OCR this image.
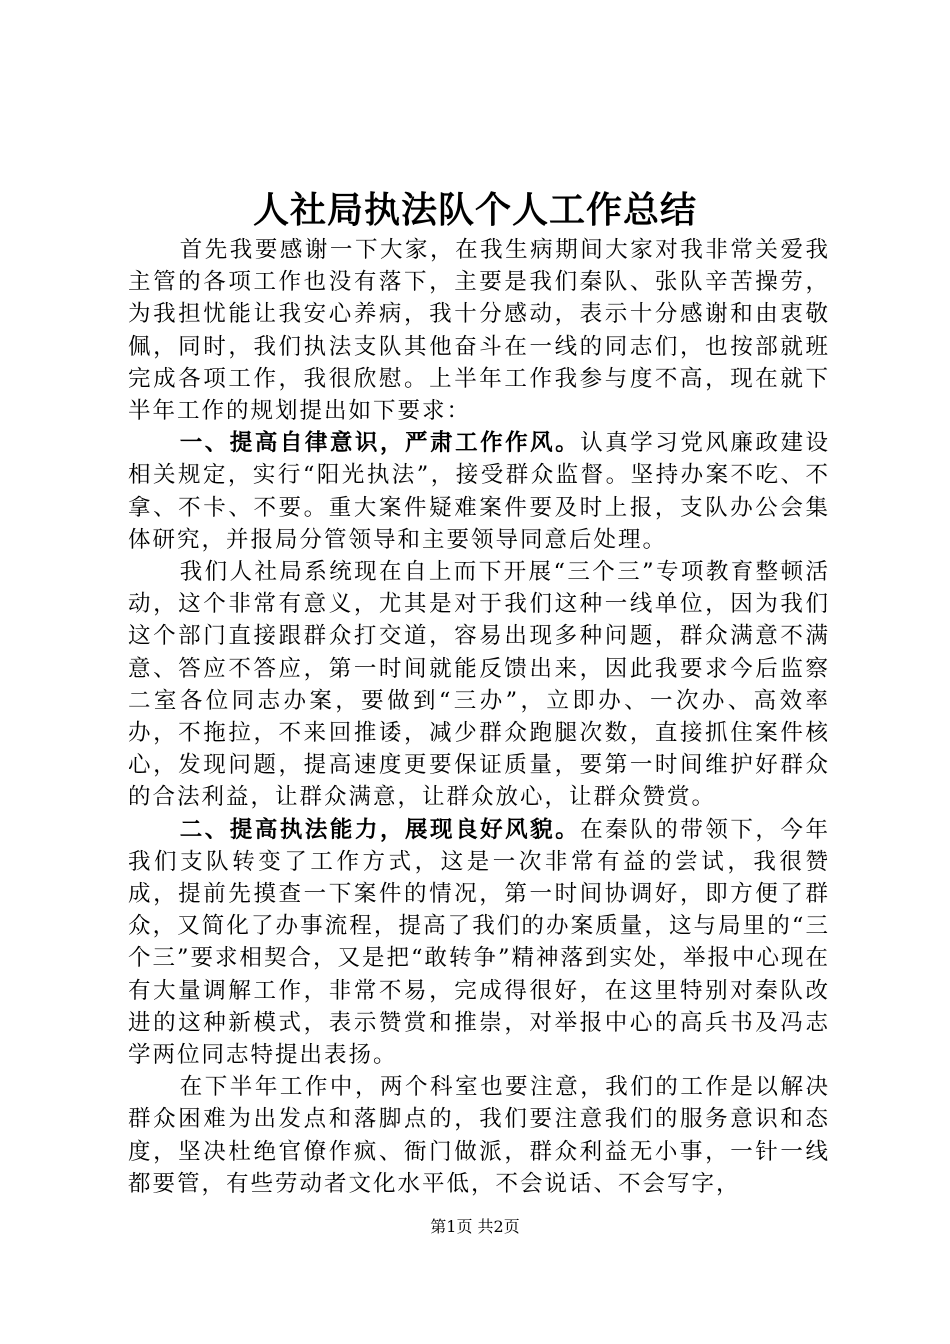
人社局执法队个人工作总结

首先我要感谢一下大家，在我生病期间大家对我非常关爱我主管的各项工作也没有落下，主要是我们秦队、张队辛苦操劳，为我担忧能让我安心养病，我十分感动，表示十分感谢和由衷敬佩，同时，我们执法支队其他奋斗在一线的同志们，也按部就班完成各项工作，我很欣慰。上半年工作我参与度不高，现在就下半年工作的规划提出如下要求：

一、提高自律意识，严肃工作作风。认真学习党风廉政建设相关规定，实行“阳光执法”，接受群众监督。坚持办案不吃、不拿、不卡、不要。重大案件疑难案件要及时上报，支队办公会集体研究，并报局分管领导和主要领导同意后处理。

我们人社局系统现在自上而下开展“三个三”专项教育整顿活动，这个非常有意义，尤其是对于我们这种一线单位，因为我们这个部门直接跟群众打交道，容易出现多种问题，群众满意不满意、答应不答应，第一时间就能反馈出来，因此我要求今后监察二室各位同志办案，要做到“三办”，立即办、一次办、高效率办，不拖拉，不来回推诿，减少群众跑腿次数，直接抓住案件核心，发现问题，提高速度更要保证质量，要第一时间维护好群众的合法利益，让群众满意，让群众放心，让群众赞赏。

二、提高执法能力，展现良好风貌。在秦队的带领下，今年我们支队转变了工作方式，这是一次非常有益的尝试，我很赞成，提前先摸查一下案件的情况，第一时间协调好，即方便了群众，又简化了办事流程，提高了我们的办案质量，这与局里的“三个三”要求相契合，又是把“敢转争”精神落到实处，举报中心现在有大量调解工作，非常不易，完成得很好，在这里特别对秦队改进的这种新模式，表示赞赏和推崇，对举报中心的高兵书及冯志学两位同志特提出表扬。

在下半年工作中，两个科室也要注意，我们的工作是以解决群众困难为出发点和落脚点的，我们要注意我们的服务意识和态度，坚决杜绝官僚作疯、衙门做派，群众利益无小事，一针一线都要管，有些劳动者文化水平低，不会说话、不会写字，

第1页 共2页
